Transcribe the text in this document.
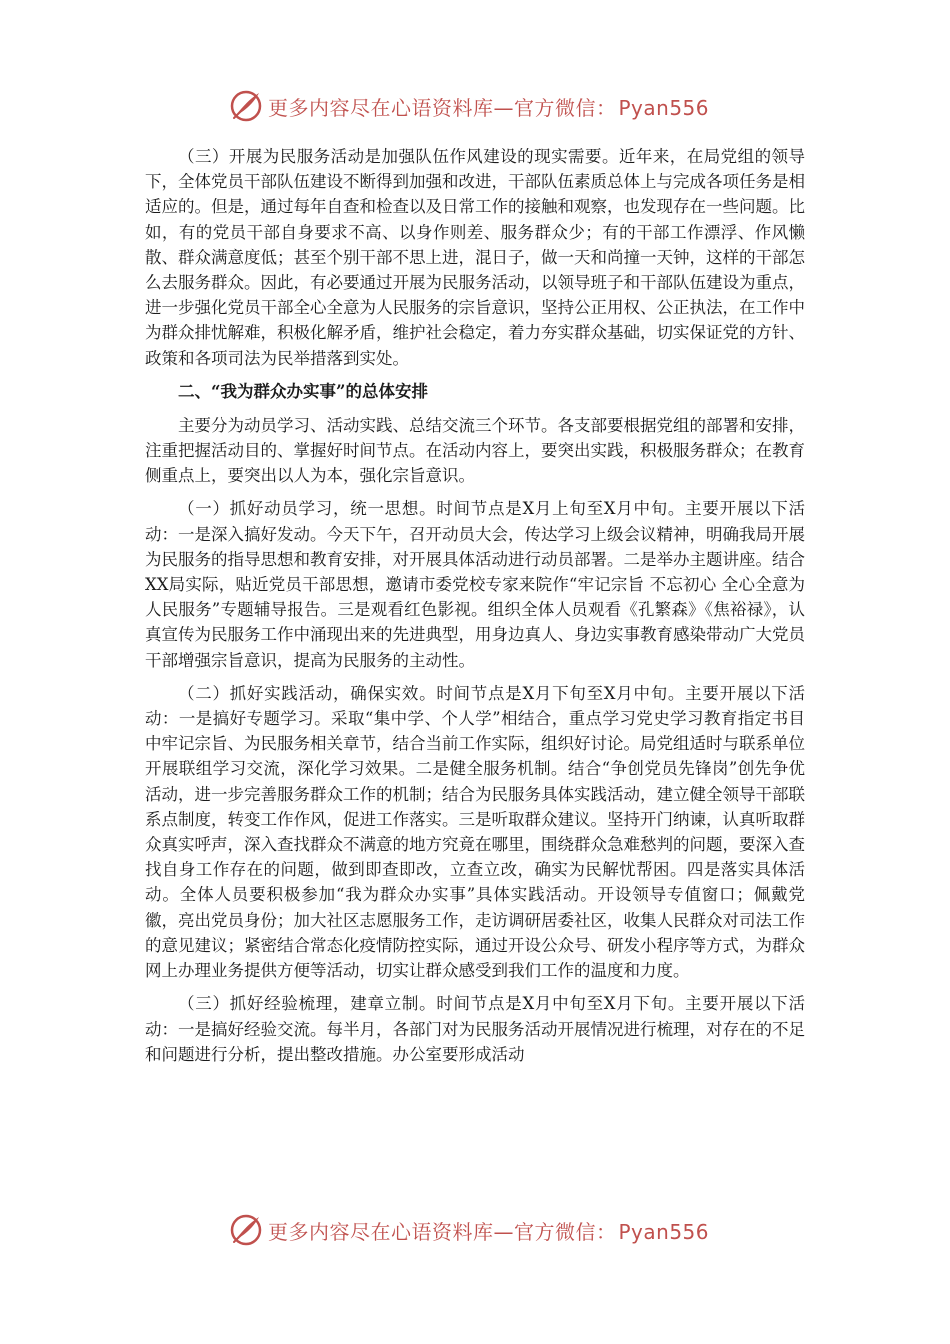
更多内容尽在心语资料库—官方微信： Pyan556

（三）开展为民服务活动是加强队伍作风建设的现实需要。近年来，在局党组的领导下，全体党员干部队伍建设不断得到加强和改进，干部队伍素质总体上与完成各项任务是相适应的。但是，通过每年自查和检查以及日常工作的接触和观察，也发现存在一些问题。比如，有的党员干部自身要求不高、以身作则差、服务群众少；有的干部工作漂浮、作风懒散、群众满意度低；甚至个别干部不思上进，混日子，做一天和尚撞一天钟，这样的干部怎么去服务群众。因此，有必要通过开展为民服务活动，以领导班子和干部队伍建设为重点，进一步强化党员干部全心全意为人民服务的宗旨意识，坚持公正用权、公正执法，在工作中为群众排忧解难，积极化解矛盾，维护社会稳定，着力夯实群众基础，切实保证党的方针、政策和各项司法为民举措落到实处。

二、“我为群众办实事”的总体安排

主要分为动员学习、活动实践、总结交流三个环节。各支部要根据党组的部署和安排，注重把握活动目的、掌握好时间节点。在活动内容上，要突出实践，积极服务群众；在教育侧重点上，要突出以人为本，强化宗旨意识。

（一）抓好动员学习，统一思想。时间节点是X月上旬至X月中旬。主要开展以下活动：一是深入搞好发动。今天下午，召开动员大会，传达学习上级会议精神，明确我局开展为民服务的指导思想和教育安排，对开展具体活动进行动员部署。二是举办主题讲座。结合XX局实际，贴近党员干部思想，邀请市委党校专家来院作“牢记宗旨 不忘初心 全心全意为人民服务”专题辅导报告。三是观看红色影视。组织全体人员观看《孔繁森》《焦裕禄》，认真宣传为民服务工作中涌现出来的先进典型，用身边真人、身边实事教育感染带动广大党员干部增强宗旨意识，提高为民服务的主动性。

（二）抓好实践活动，确保实效。时间节点是X月下旬至X月中旬。主要开展以下活动：一是搞好专题学习。采取“集中学、个人学”相结合，重点学习党史学习教育指定书目中牢记宗旨、为民服务相关章节，结合当前工作实际，组织好讨论。局党组适时与联系单位开展联组学习交流，深化学习效果。二是健全服务机制。结合“争创党员先锋岗”创先争优活动，进一步完善服务群众工作的机制；结合为民服务具体实践活动，建立健全领导干部联系点制度，转变工作作风，促进工作落实。三是听取群众建议。坚持开门纳谏，认真听取群众真实呼声，深入查找群众不满意的地方究竟在哪里，围绕群众急难愁判的问题，要深入查找自身工作存在的问题，做到即查即改，立查立改，确实为民解忧帮困。四是落实具体活动。全体人员要积极参加“我为群众办实事”具体实践活动。开设领导专值窗口；佩戴党徽，亮出党员身份；加大社区志愿服务工作，走访调研居委社区，收集人民群众对司法工作的意见建议；紧密结合常态化疫情防控实际，通过开设公众号、研发小程序等方式，为群众网上办理业务提供方便等活动，切实让群众感受到我们工作的温度和力度。

（三）抓好经验梳理，建章立制。时间节点是X月中旬至X月下旬。主要开展以下活动：一是搞好经验交流。每半月，各部门对为民服务活动开展情况进行梳理，对存在的不足和问题进行分析，提出整改措施。办公室要形成活动

更多内容尽在心语资料库—官方微信： Pyan556
